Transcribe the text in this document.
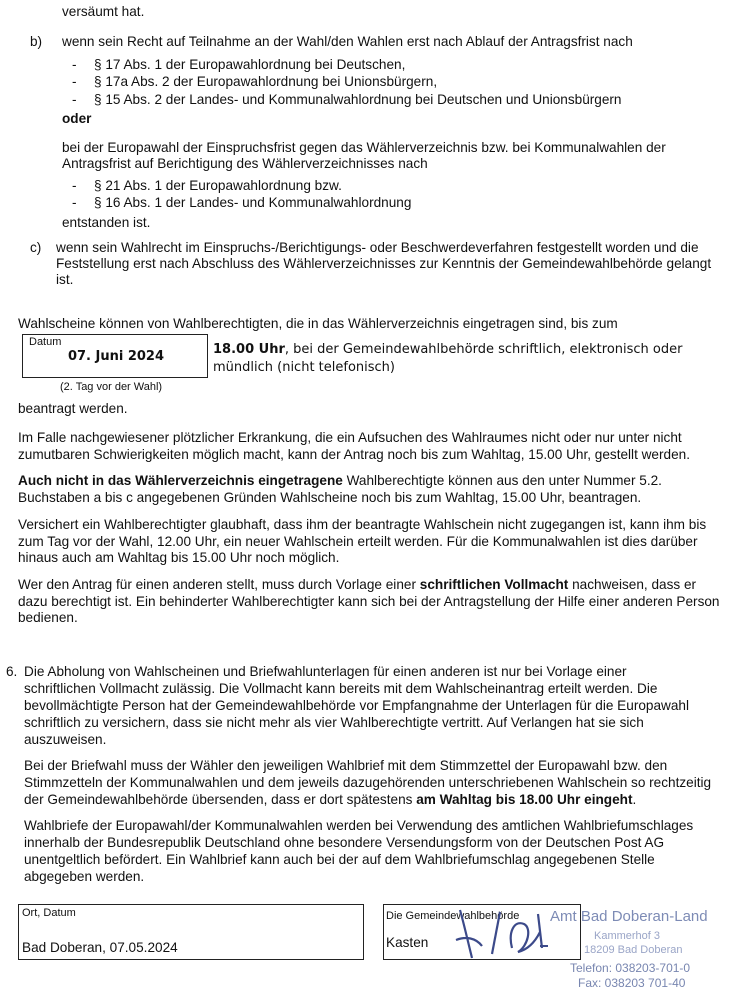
versäumt hat.
b) wenn sein Recht auf Teilnahme an der Wahl/den Wahlen erst nach Ablauf der Antragsfrist nach
- § 17 Abs. 1 der Europawahlordnung bei Deutschen,
- § 17a Abs. 2 der Europawahlordnung bei Unionsbürgern,
- § 15 Abs. 2 der Landes- und Kommunalwahlordnung bei Deutschen und Unionsbürgern
oder
bei der Europawahl der Einspruchsfrist gegen das Wählerverzeichnis bzw. bei Kommunalwahlen der
Antragsfrist auf Berichtigung des Wählerverzeichnisses nach
- § 21 Abs. 1 der Europawahlordnung bzw.
- § 16 Abs. 1 der Landes- und Kommunalwahlordnung
entstanden ist.
c) wenn sein Wahlrecht im Einspruchs-/Berichtigungs- oder Beschwerdeverfahren festgestellt worden und die
Feststellung erst nach Abschluss des Wählerverzeichnisses zur Kenntnis der Gemeindewahlbehörde gelangt
ist.
Wahlscheine können von Wahlberechtigten, die in das Wählerverzeichnis eingetragen sind, bis zum
Datum
07. Juni 2024
(2. Tag vor der Wahl)
18.00 Uhr, bei der Gemeindewahlbehörde schriftlich, elektronisch oder
mündlich (nicht telefonisch)
beantragt werden.
Im Falle nachgewiesener plötzlicher Erkrankung, die ein Aufsuchen des Wahlraumes nicht oder nur unter nicht
zumutbaren Schwierigkeiten möglich macht, kann der Antrag noch bis zum Wahltag, 15.00 Uhr, gestellt werden.
Auch nicht in das Wählerverzeichnis eingetragene Wahlberechtigte können aus den unter Nummer 5.2.
Buchstaben a bis c angegebenen Gründen Wahlscheine noch bis zum Wahltag, 15.00 Uhr, beantragen.
Versichert ein Wahlberechtigter glaubhaft, dass ihm der beantragte Wahlschein nicht zugegangen ist, kann ihm bis
zum Tag vor der Wahl, 12.00 Uhr, ein neuer Wahlschein erteilt werden. Für die Kommunalwahlen ist dies darüber
hinaus auch am Wahltag bis 15.00 Uhr noch möglich.
Wer den Antrag für einen anderen stellt, muss durch Vorlage einer schriftlichen Vollmacht nachweisen, dass er
dazu berechtigt ist. Ein behinderter Wahlberechtigter kann sich bei der Antragstellung der Hilfe einer anderen Person
bedienen.
6. Die Abholung von Wahlscheinen und Briefwahlunterlagen für einen anderen ist nur bei Vorlage einer
schriftlichen Vollmacht zulässig. Die Vollmacht kann bereits mit dem Wahlscheinantrag erteilt werden. Die
bevollmächtigte Person hat der Gemeindewahlbehörde vor Empfangnahme der Unterlagen für die Europawahl
schriftlich zu versichern, dass sie nicht mehr als vier Wahlberechtigte vertritt. Auf Verlangen hat sie sich
auszuweisen.
Bei der Briefwahl muss der Wähler den jeweiligen Wahlbrief mit dem Stimmzettel der Europawahl bzw. den
Stimmzetteln der Kommunalwahlen und dem jeweils dazugehörenden unterschriebenen Wahlschein so rechtzeitig
der Gemeindewahlbehörde übersenden, dass er dort spätestens am Wahltag bis 18.00 Uhr eingeht.
Wahlbriefe der Europawahl/der Kommunalwahlen werden bei Verwendung des amtlichen Wahlbriefumschlages
innerhalb der Bundesrepublik Deutschland ohne besondere Versendungsform von der Deutschen Post AG
unentgeltlich befördert. Ein Wahlbrief kann auch bei der auf dem Wahlbriefumschlag angegebenen Stelle
abgegeben werden.
Ort, Datum
Bad Doberan, 07.05.2024
Die Gemeindewahlbehörde
Kasten
Amt Bad Doberan-Land
Kammerhof 3
18209 Bad Doberan
Telefon: 038203-701-0
Fax: 038203 701-40
